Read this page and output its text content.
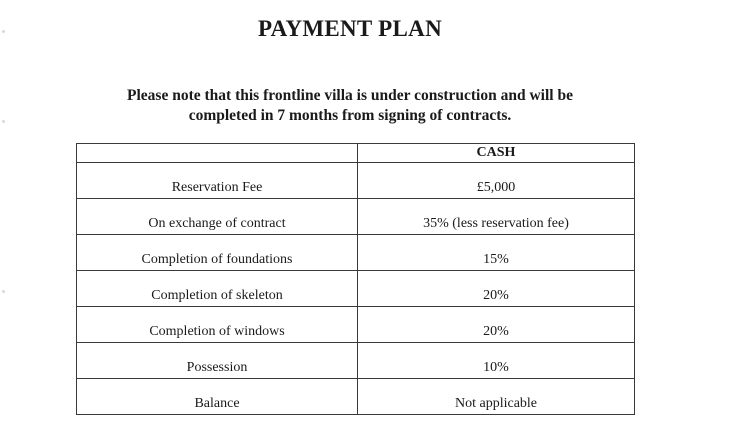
PAYMENT PLAN
Please note that this frontline villa is under construction and will be
completed in 7 months from signing of contracts.
	CASH
Reservation Fee	£5,000
On exchange of contract	35% (less reservation fee)
Completion of foundations	15%
Completion of skeleton	20%
Completion of windows	20%
Possession	10%
Balance	Not applicable
